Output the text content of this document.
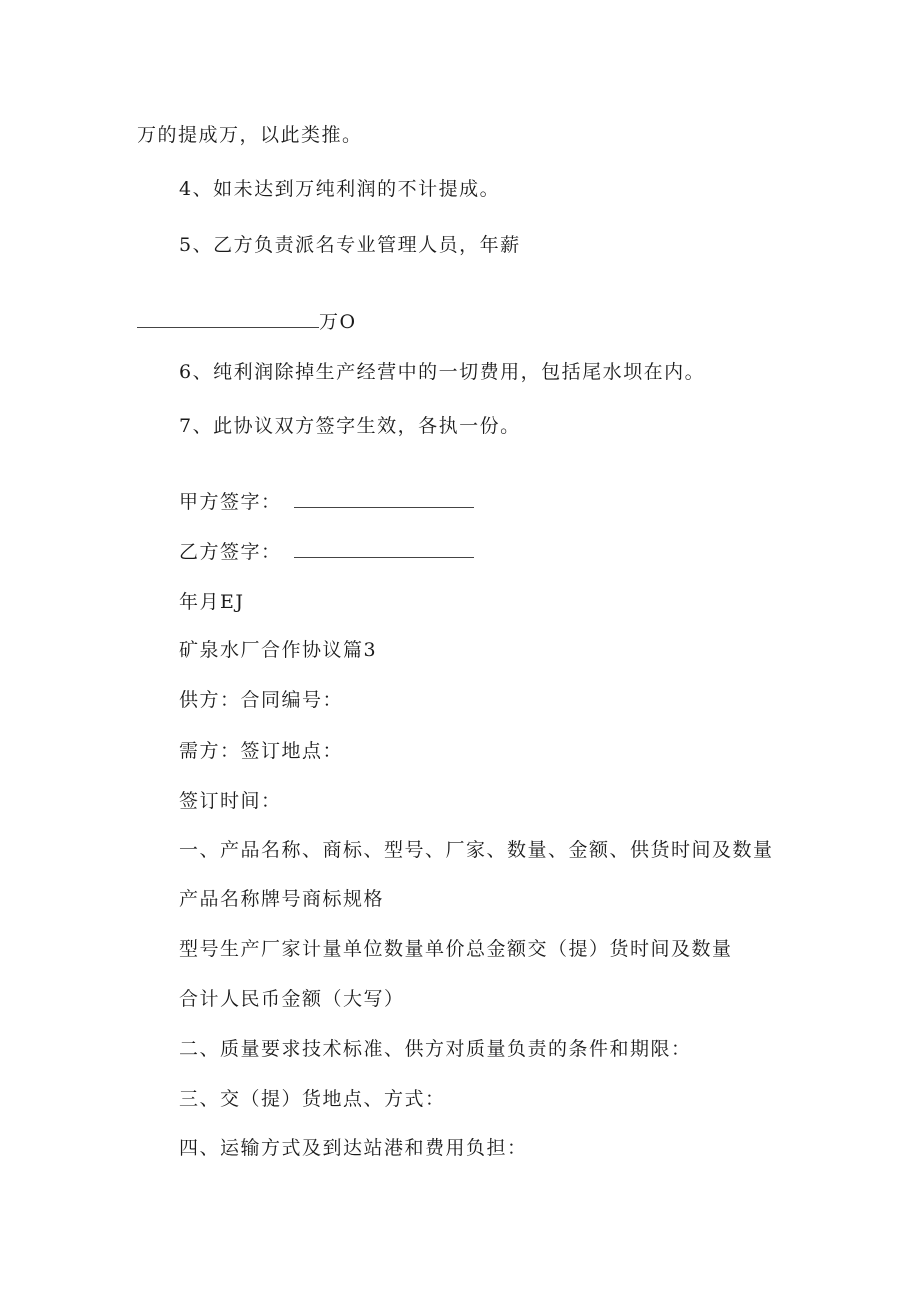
万的提成万，以此类推。
4、如未达到万纯利润的不计提成。
5、乙方负责派名专业管理人员，年薪
万O
6、纯利润除掉生产经营中的一切费用，包括尾水坝在内。
7、此协议双方签字生效，各执一份。
甲方签字：
乙方签字：
年月EJ
矿泉水厂合作协议篇3
供方：合同编号：
需方：签订地点：
签订时间：
一、产品名称、商标、型号、厂家、数量、金额、供货时间及数量
产品名称牌号商标规格
型号生产厂家计量单位数量单价总金额交（提）货时间及数量
合计人民币金额（大写）
二、质量要求技术标准、供方对质量负责的条件和期限：
三、交（提）货地点、方式：
四、运输方式及到达站港和费用负担：
